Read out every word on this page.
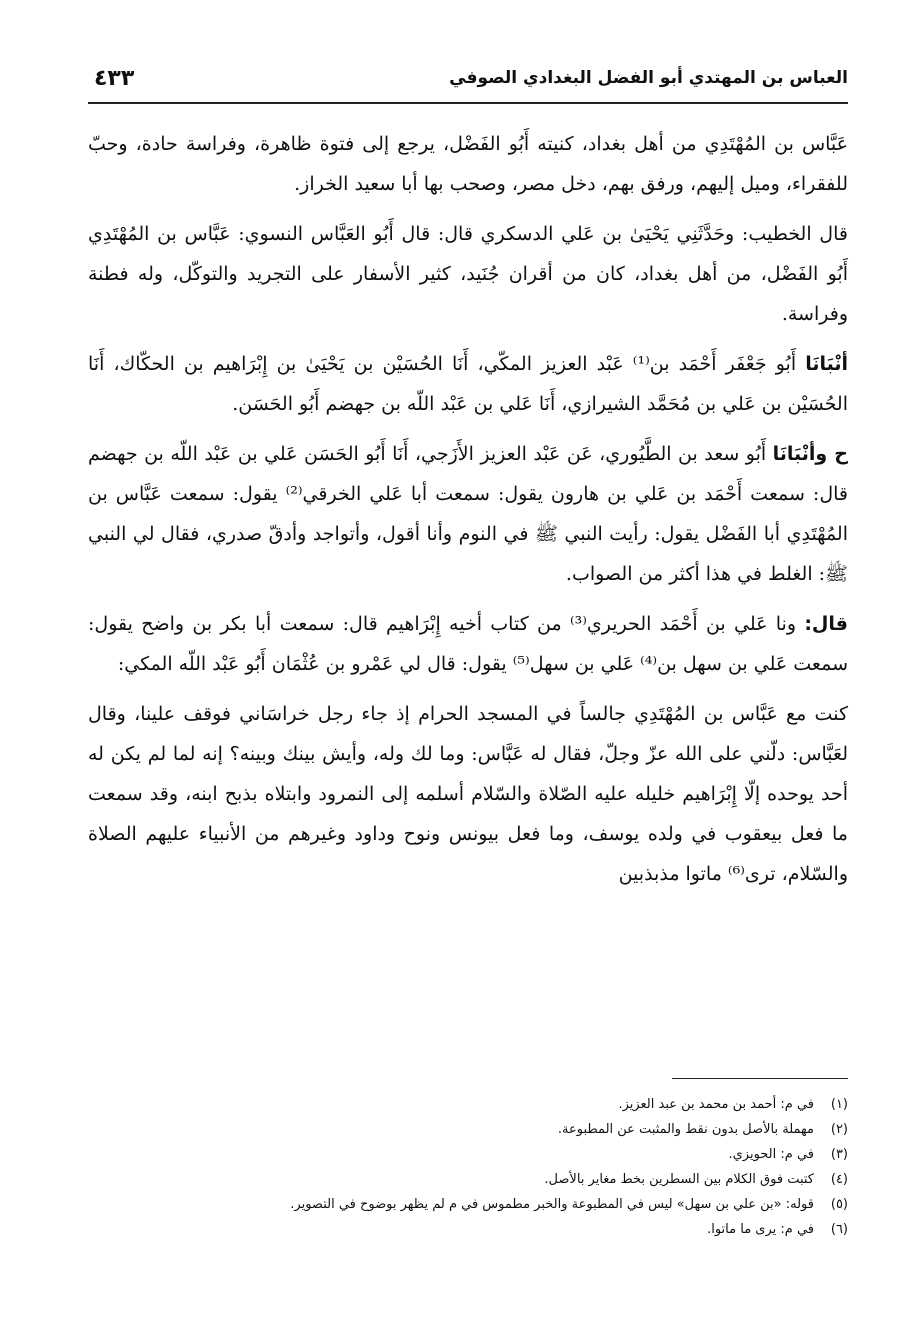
٤٣٣	العباس بن المهتدي أبو الفضل البغدادي الصوفي

عَبَّاس بن المُهْتَدِي من أهل بغداد، كنيته أَبُو الفَضْل، يرجع إلى فتوة ظاهرة، وفراسة حادة، وحبّ للفقراء، وميل إليهم، ورفق بهم، دخل مصر، وصحب بها أبا سعيد الخراز.

قال الخطيب: وحَدَّثَنِي يَحْيَىٰ بن عَلي الدسكري قال: قال أَبُو العَبَّاس النسوي: عَبَّاس بن المُهْتَدِي أَبُو الفَضْل، من أهل بغداد، كان من أقران جُنَيد، كثير الأسفار على التجريد والتوكّل، وله فطنة وفراسة.

أنْبَانَا أَبُو جَعْفَر أَحْمَد بن⁽¹⁾ عَبْد العزيز المكّي، أَنَا الحُسَيْن بن يَحْيَىٰ بن إِبْرَاهيم بن الحكّاك، أَنَا الحُسَيْن بن عَلي بن مُحَمَّد الشيرازي، أَنَا عَلي بن عَبْد اللّه بن جهضم أَبُو الحَسَن.

ح وأنْبَانَا أَبُو سعد بن الطَّيُوري، عَن عَبْد العزيز الأَزَجي، أَنَا أَبُو الحَسَن عَلي بن عَبْد اللّه بن جهضم قال: سمعت أَحْمَد بن عَلي بن هارون يقول: سمعت أبا عَلي الخرقي⁽²⁾ يقول: سمعت عَبَّاس بن المُهْتَدِي أبا الفَضْل يقول: رأيت النبي ﷺ في النوم وأنا أقول، وأتواجد وأدقّ صدري، فقال لي النبي ﷺ: الغلط في هذا أكثر من الصواب.

قال: ونا عَلي بن أَحْمَد الحريري⁽³⁾ من كتاب أخيه إِبْرَاهيم قال: سمعت أبا بكر بن واضح يقول: سمعت عَلي بن سهل بن⁽⁴⁾ عَلي بن سهل⁽⁵⁾ يقول: قال لي عَمْرو بن عُثْمَان أَبُو عَبْد اللّه المكي:

كنت مع عَبَّاس بن المُهْتَدِي جالساً في المسجد الحرام إذ جاء رجل خراسَاني فوقف علينا، وقال لعَبَّاس: دلّني على الله عزّ وجلّ، فقال له عَبَّاس: وما لك وله، وأيش بينك وبينه؟ إنه لما لم يكن له أحد يوحده إلّا إِبْرَاهيم خليله عليه الصّلاة والسّلام أسلمه إلى النمرود وابتلاه بذبح ابنه، وقد سمعت ما فعل بيعقوب في ولده يوسف، وما فعل بيونس ونوح وداود وغيرهم من الأنبياء عليهم الصلاة والسّلام، ترى⁽⁶⁾ ماتوا مذبذبين

(١)
في م: أحمد بن محمد بن عبد العزيز.
(٢)
مهملة بالأصل بدون نقط والمثبت عن المطبوعة.
(٣)
في م: الحويزي.
(٤)
كتبت فوق الكلام بين السطرين بخط مغاير بالأصل.
(٥)
قوله: «بن علي بن سهل» ليس في المطبوعة والخبر مطموس في م لم يظهر بوضوح في التصوير.
(٦)
في م: يرى ما ماتوا.
